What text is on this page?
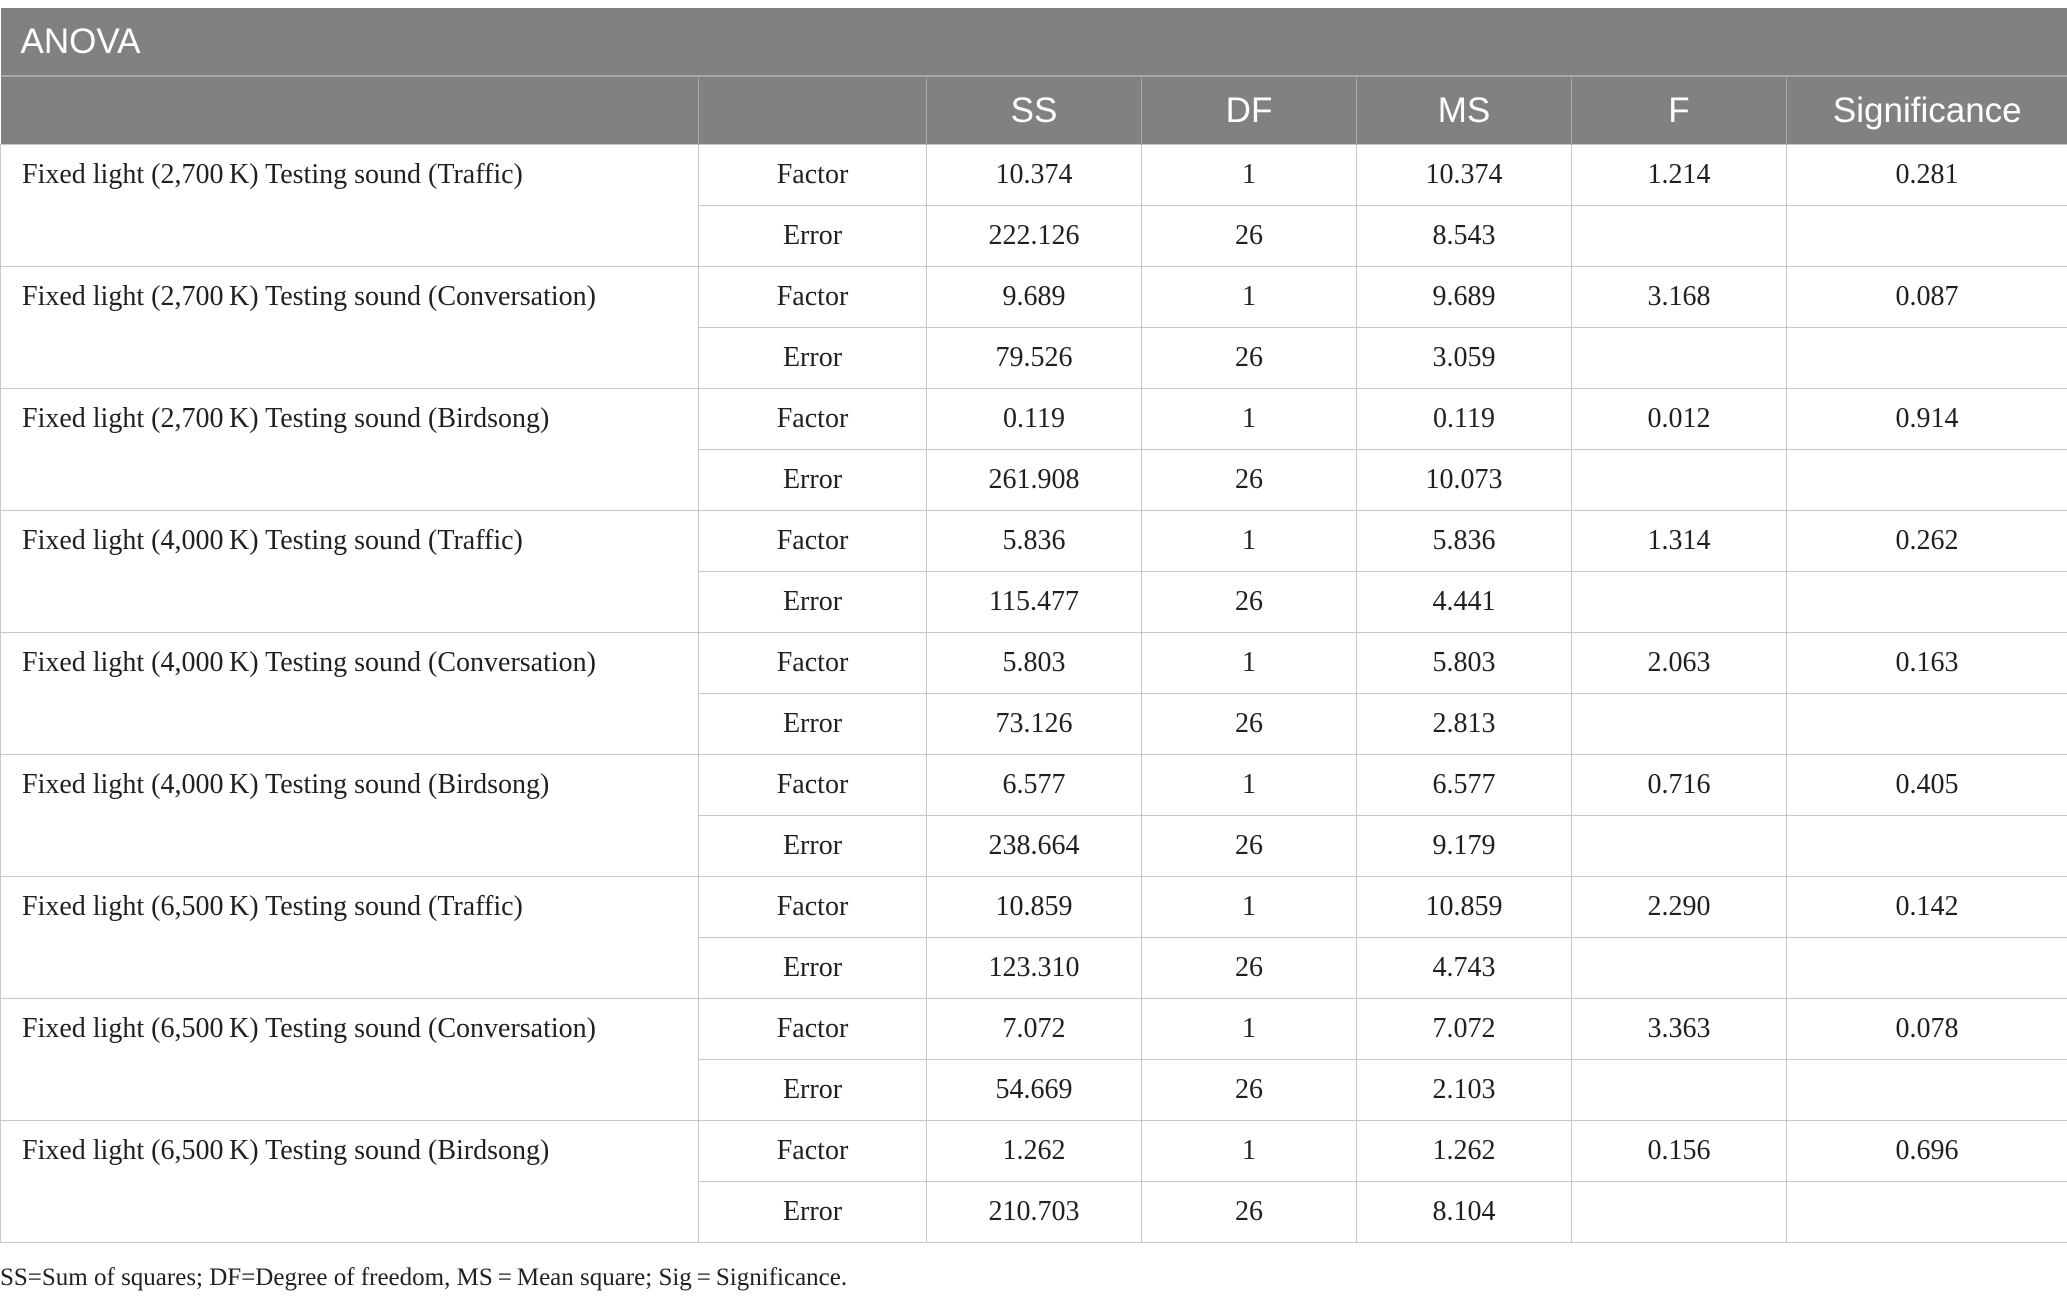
ANOVA						
		SS	DF	MS	F	Significance
Fixed light (2,700 K) Testing sound (Traffic)	Factor	10.374	1	10.374	1.214	0.281
	Error	222.126	26	8.543		
Fixed light (2,700 K) Testing sound (Conversation)	Factor	9.689	1	9.689	3.168	0.087
	Error	79.526	26	3.059		
Fixed light (2,700 K) Testing sound (Birdsong)	Factor	0.119	1	0.119	0.012	0.914
	Error	261.908	26	10.073		
Fixed light (4,000 K) Testing sound (Traffic)	Factor	5.836	1	5.836	1.314	0.262
	Error	115.477	26	4.441		
Fixed light (4,000 K) Testing sound (Conversation)	Factor	5.803	1	5.803	2.063	0.163
	Error	73.126	26	2.813		
Fixed light (4,000 K) Testing sound (Birdsong)	Factor	6.577	1	6.577	0.716	0.405
	Error	238.664	26	9.179		
Fixed light (6,500 K) Testing sound (Traffic)	Factor	10.859	1	10.859	2.290	0.142
	Error	123.310	26	4.743		
Fixed light (6,500 K) Testing sound (Conversation)	Factor	7.072	1	7.072	3.363	0.078
	Error	54.669	26	2.103		
Fixed light (6,500 K) Testing sound (Birdsong)	Factor	1.262	1	1.262	0.156	0.696
	Error	210.703	26	8.104		
SS=Sum of squares; DF=Degree of freedom, MS = Mean square; Sig = Significance.
